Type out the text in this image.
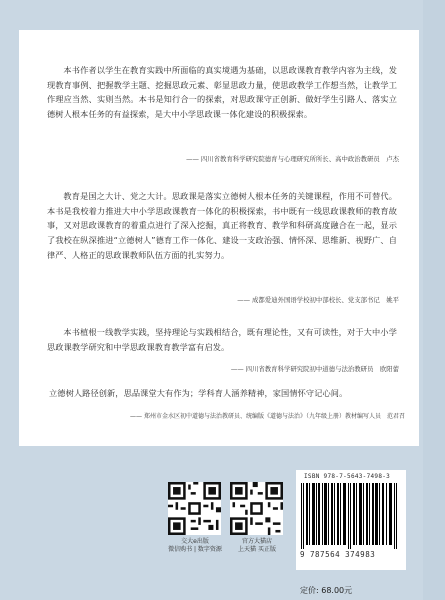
本书作者以学生在教育实践中所面临的真实境遇为基础，以思政课教育教学内容为主线，发现教育事例、把握教学主题、挖掘思政元素、彰显思政力量，使思政教学工作想当然，让教学工作理应当然、实则当然。本书是知行合一的探索，对思政课守正创新、做好学生引路人、落实立德树人根本任务的有益探索，是大中小学思政课一体化建设的积极探索。

—— 四川省教育科学研究院德育与心理研究所所长、高中政治教研员　卢杰

教育是国之大计、党之大计。思政课是落实立德树人根本任务的关键课程，作用不可替代。本书是我校着力推进大中小学思政课教育一体化的积极探索，书中既有一线思政课教师的教育故事，又对思政课教育的着重点进行了深入挖掘，真正将教育、教学和科研高度融合在一起，显示了我校在纵深推进“立德树人”德育工作一体化、建设一支政治强、情怀深、思维新、视野广、自律严、人格正的思政课教师队伍方面的扎实努力。

—— 成都爱迪外国语学校初中部校长、党支部书记　姚平

本书植根一线教学实践，坚持理论与实践相结合，既有理论性，又有可读性，对于大中小学思政课教学研究和中学思政课教育教学富有启发。

—— 四川省教育科学研究院初中道德与法治教研员　欧阳蕾

立德树人路径创新，思品课堂大有作为；学科育人涵养精神，家国情怀守记心间。

—— 郑州市金水区初中道德与法治教研员、统编版《道德与法治》（九年级上册）教材编写人员　范君召
交大e出版
微信购书 | 数字资源
官方大猫店
上天猫 买正版
ISBN 978-7-5643-7498-3
9 787564 374983
定价: 68.00元
